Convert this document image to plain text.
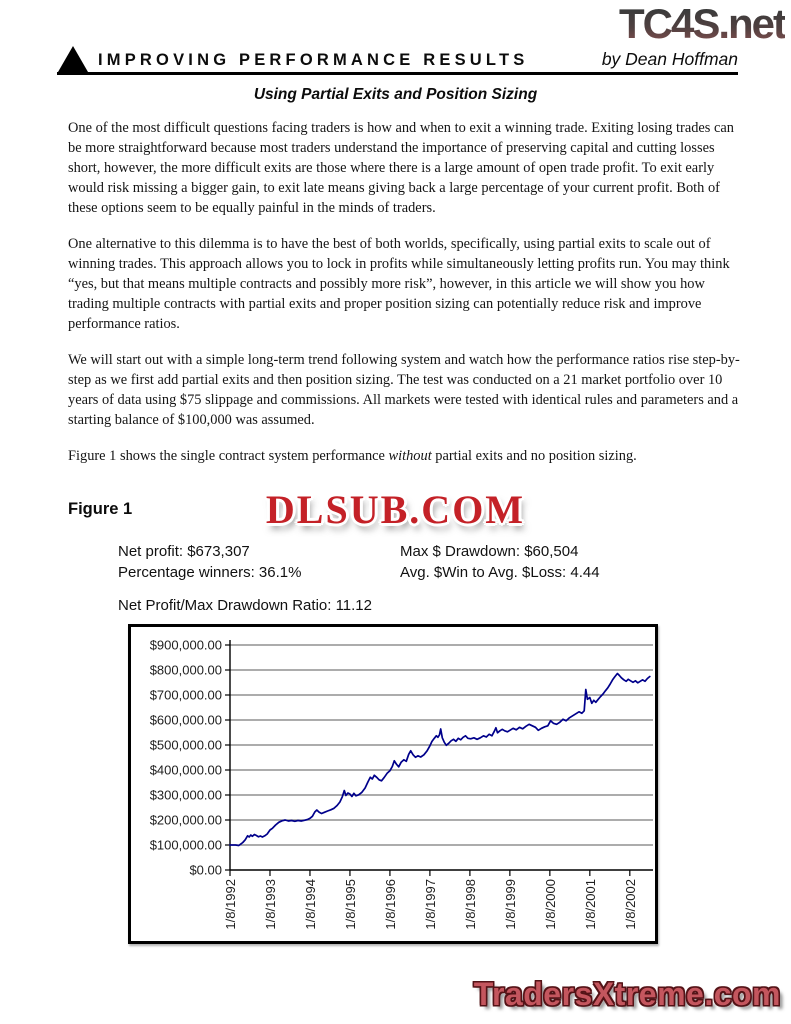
TC4S.net
IMPROVING PERFORMANCE RESULTS	by Dean Hoffman
Using Partial Exits and Position Sizing

One of the most difficult questions facing traders is how and when to exit a winning trade. Exiting losing trades can be more straightforward because most traders understand the importance of preserving capital and cutting losses short, however, the more difficult exits are those where there is a large amount of open trade profit. To exit early would risk missing a bigger gain, to exit late means giving back a large percentage of your current profit. Both of these options seem to be equally painful in the minds of traders.

One alternative to this dilemma is to have the best of both worlds, specifically, using partial exits to scale out of winning trades. This approach allows you to lock in profits while simultaneously letting profits run. You may think “yes, but that means multiple contracts and possibly more risk”, however, in this article we will show you how trading multiple contracts with partial exits and proper position sizing can potentially reduce risk and improve performance ratios.

We will start out with a simple long-term trend following system and watch how the performance ratios rise step-by-step as we first add partial exits and then position sizing. The test was conducted on a 21 market portfolio over 10 years of data using $75 slippage and commissions. All markets were tested with identical rules and parameters and a starting balance of $100,000 was assumed.

Figure 1 shows the single contract system performance without partial exits and no position sizing.

Figure 1	DLSUB.COM
Net profit: $673,307	Max $ Drawdown: $60,504
Percentage winners: 36.1%	Avg. $Win to Avg. $Loss: 4.44
Net Profit/Max Drawdown Ratio: 11.12
$0.00
$100,000.00
$200,000.00
$300,000.00
$400,000.00
$500,000.00
$600,000.00
$700,000.00
$800,000.00
$900,000.00
1/8/1992 1/8/1993 1/8/1994 1/8/1995 1/8/1996 1/8/1997 1/8/1998 1/8/1999 1/8/2000 1/8/2001 1/8/2002
TradersXtreme.com
